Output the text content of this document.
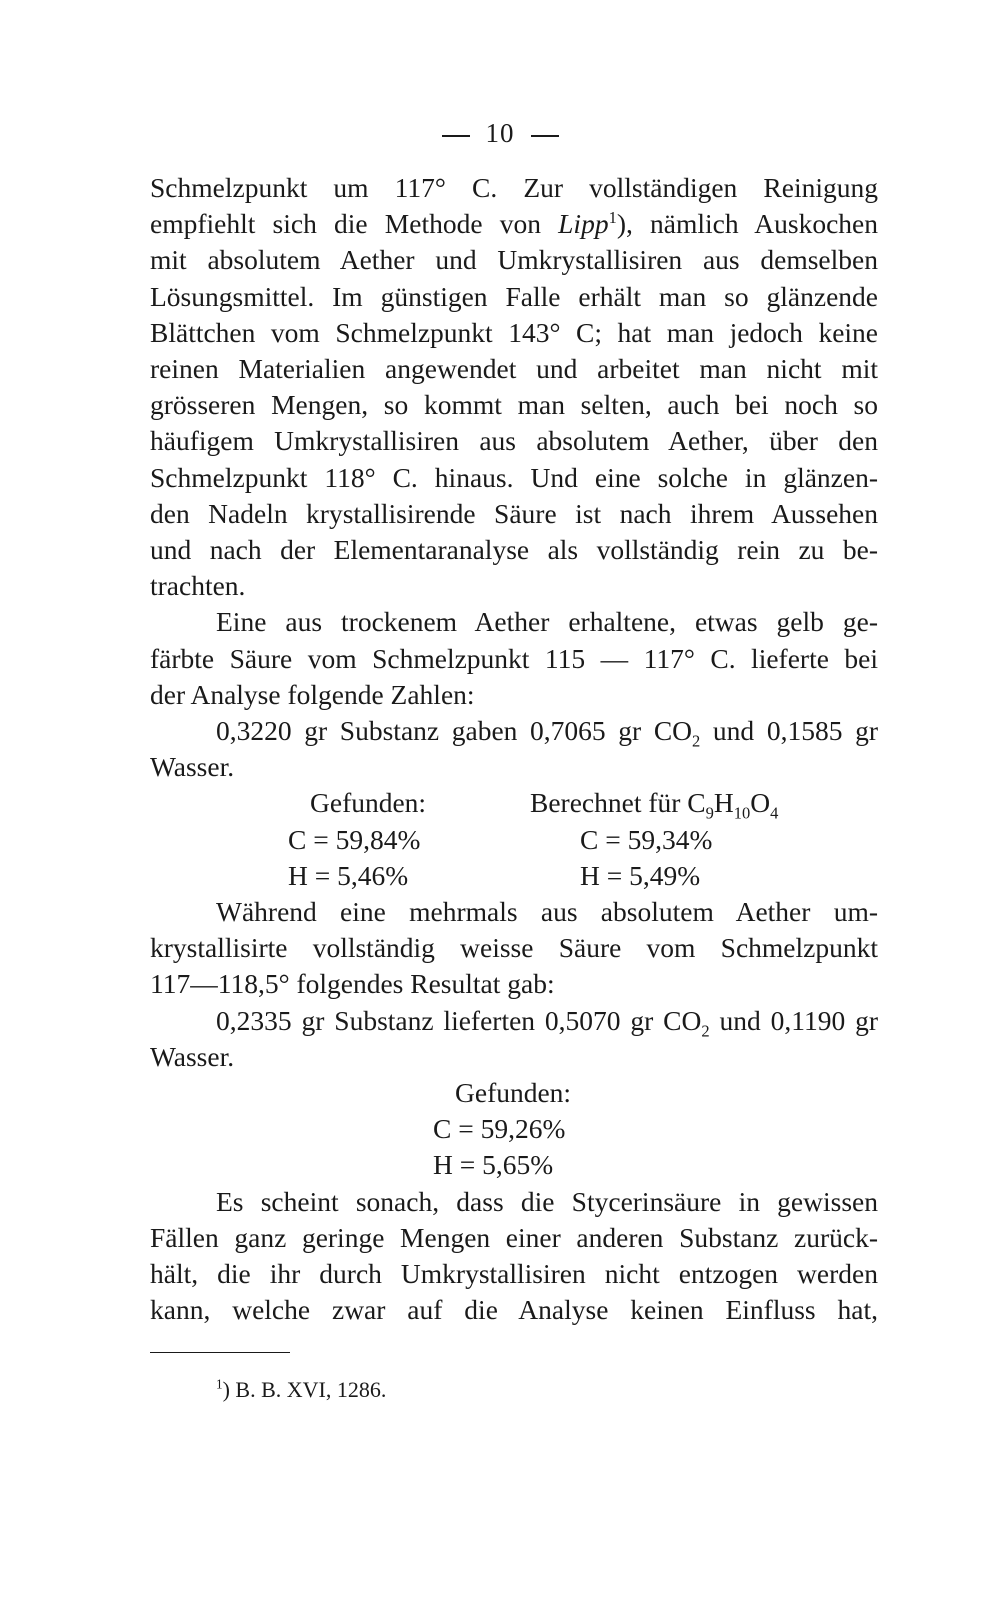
10
Schmelzpunkt um 117° C. Zur vollständigen Reinigung
empfiehlt sich die Methode von Lipp$^1$), nämlich Auskochen
mit absolutem Aether und Umkrystallisiren aus demselben
Lösungsmittel. Im günstigen Falle erhält man so glänzende
Blättchen vom Schmelzpunkt 143° C; hat man jedoch keine
reinen Materialien angewendet und arbeitet man nicht mit
grösseren Mengen, so kommt man selten, auch bei noch so
häufigem Umkrystallisiren aus absolutem Aether, über den
Schmelzpunkt 118° C. hinaus. Und eine solche in glänzen-
den Nadeln krystallisirende Säure ist nach ihrem Aussehen
und nach der Elementaranalyse als vollständig rein zu be-
trachten.
Eine aus trockenem Aether erhaltene, etwas gelb ge-
färbte Säure vom Schmelzpunkt 115 — 117° C. lieferte bei
der Analyse folgende Zahlen:
0,3220 gr Substanz gaben 0,7065 gr $CO_2$ und 0,1585 gr
Wasser.
Gefunden:	Berechnet für $C_9H_{10}O_4$
C = 59,84%	C = 59,34%
H = 5,46%	H = 5,49%
Während eine mehrmals aus absolutem Aether um-
krystallisirte vollständig weisse Säure vom Schmelzpunkt
117—118,5° folgendes Resultat gab:
0,2335 gr Substanz lieferten 0,5070 gr $CO_2$ und 0,1190 gr
Wasser.
Gefunden:
C = 59,26%
H = 5,65%
Es scheint sonach, dass die Stycerinsäure in gewissen
Fällen ganz geringe Mengen einer anderen Substanz zurück-
hält, die ihr durch Umkrystallisiren nicht entzogen werden
kann, welche zwar auf die Analyse keinen Einfluss hat,
$^1$) B. B. XVI, 1286.
